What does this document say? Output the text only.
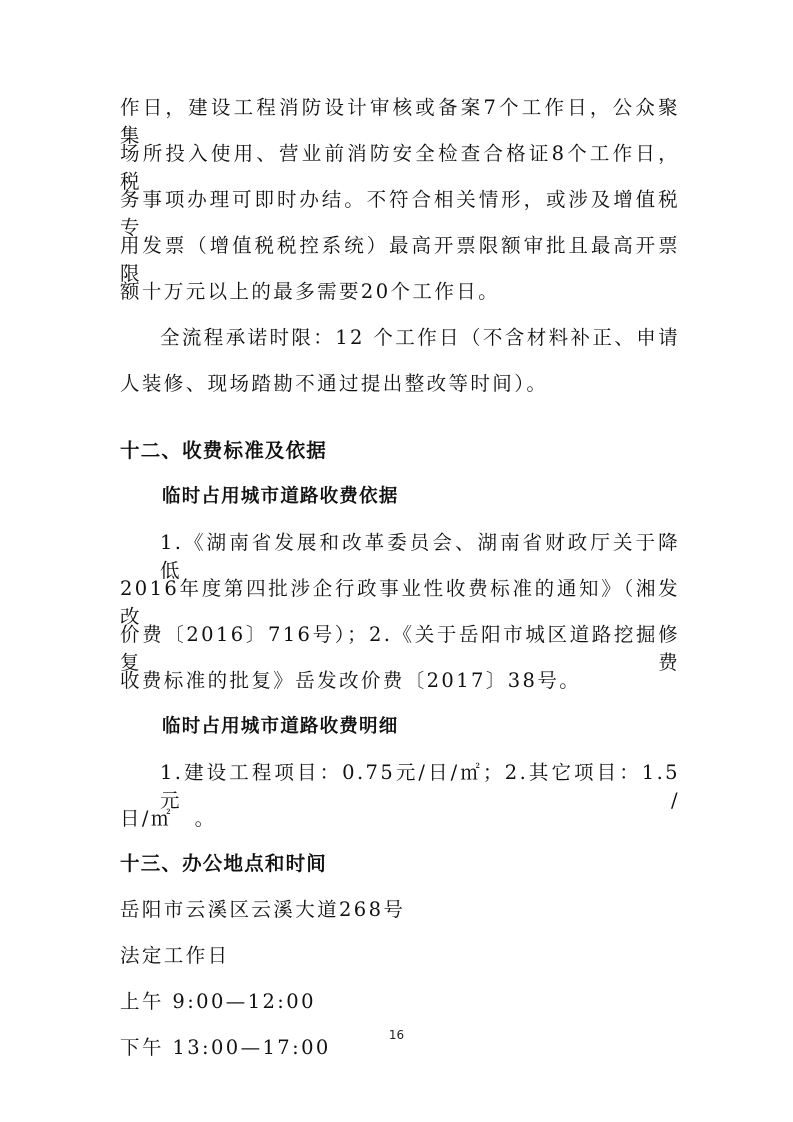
作日，建设工程消防设计审核或备案7个工作日，公众聚集
场所投入使用、营业前消防安全检查合格证8个工作日，税
务事项办理可即时办结。不符合相关情形，或涉及增值税专
用发票（增值税税控系统）最高开票限额审批且最高开票限
额十万元以上的最多需要20个工作日。
全流程承诺时限：12 个工作日（不含材料补正、申请
人装修、现场踏勘不通过提出整改等时间）。
十二、收费标准及依据
临时占用城市道路收费依据
1.《湖南省发展和改革委员会、湖南省财政厅关于降低
2016年度第四批涉企行政事业性收费标准的通知》（湘发改
价费〔2016〕716号）；2.《关于岳阳市城区道路挖掘修复费
收费标准的批复》岳发改价费〔2017〕38号。
临时占用城市道路收费明细
1.建设工程项目：0.75元/日/㎡；2.其它项目：1.5元/
日/㎡　。
十三、办公地点和时间
岳阳市云溪区云溪大道268号
法定工作日
上午 9:00—12:00
下午 13:00—17:00
16
